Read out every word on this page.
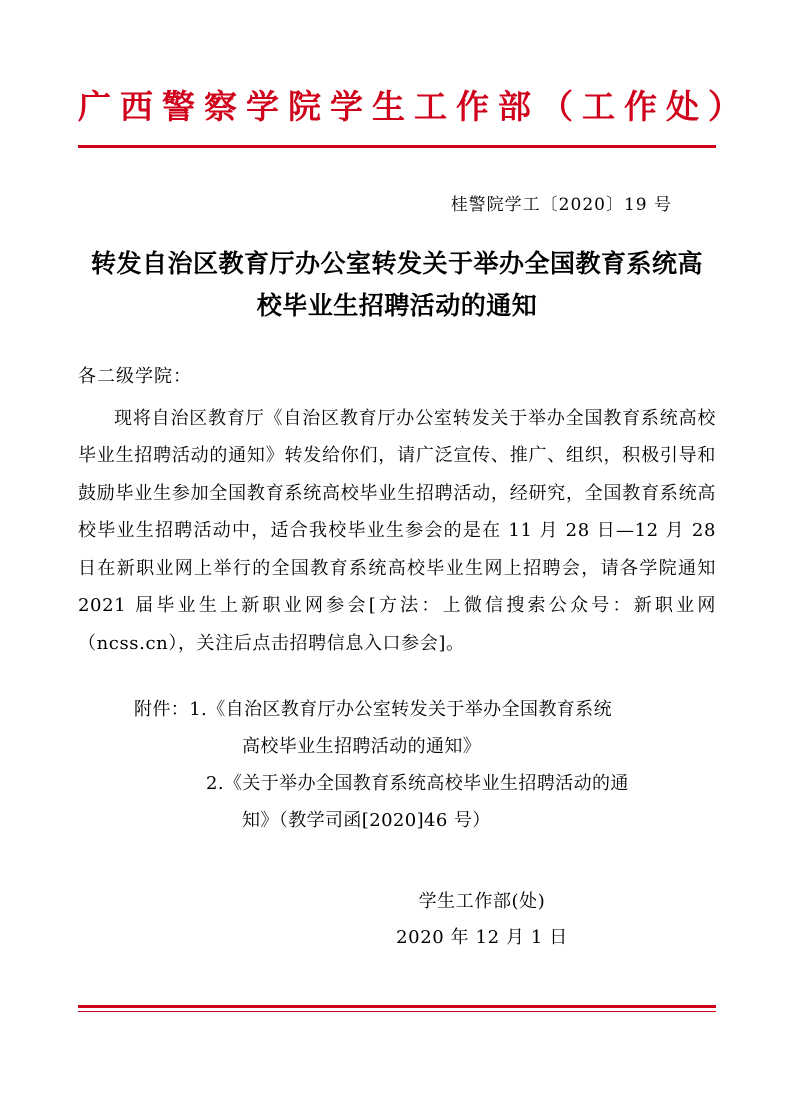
广西警察学院学生工作部（工作处）
桂警院学工〔2020〕19 号
转发自治区教育厅办公室转发关于举办全国教育系统高校毕业生招聘活动的通知
各二级学院：
现将自治区教育厅《自治区教育厅办公室转发关于举办全国教育系统高校毕业生招聘活动的通知》转发给你们，请广泛宣传、推广、组织，积极引导和鼓励毕业生参加全国教育系统高校毕业生招聘活动，经研究，全国教育系统高校毕业生招聘活动中，适合我校毕业生参会的是在 11 月 28 日—12 月 28 日在新职业网上举行的全国教育系统高校毕业生网上招聘会，请各学院通知 2021 届毕业生上新职业网参会[方法：上微信搜索公众号：新职业网（ncss.cn），关注后点击招聘信息入口参会]。
附件：1. 《自治区教育厅办公室转发关于举办全国教育系统
高校毕业生招聘活动的通知》
2. 《关于举办全国教育系统高校毕业生招聘活动的通
知》（教学司函[2020]46 号）
学生工作部(处)
2020 年 12 月 1 日
